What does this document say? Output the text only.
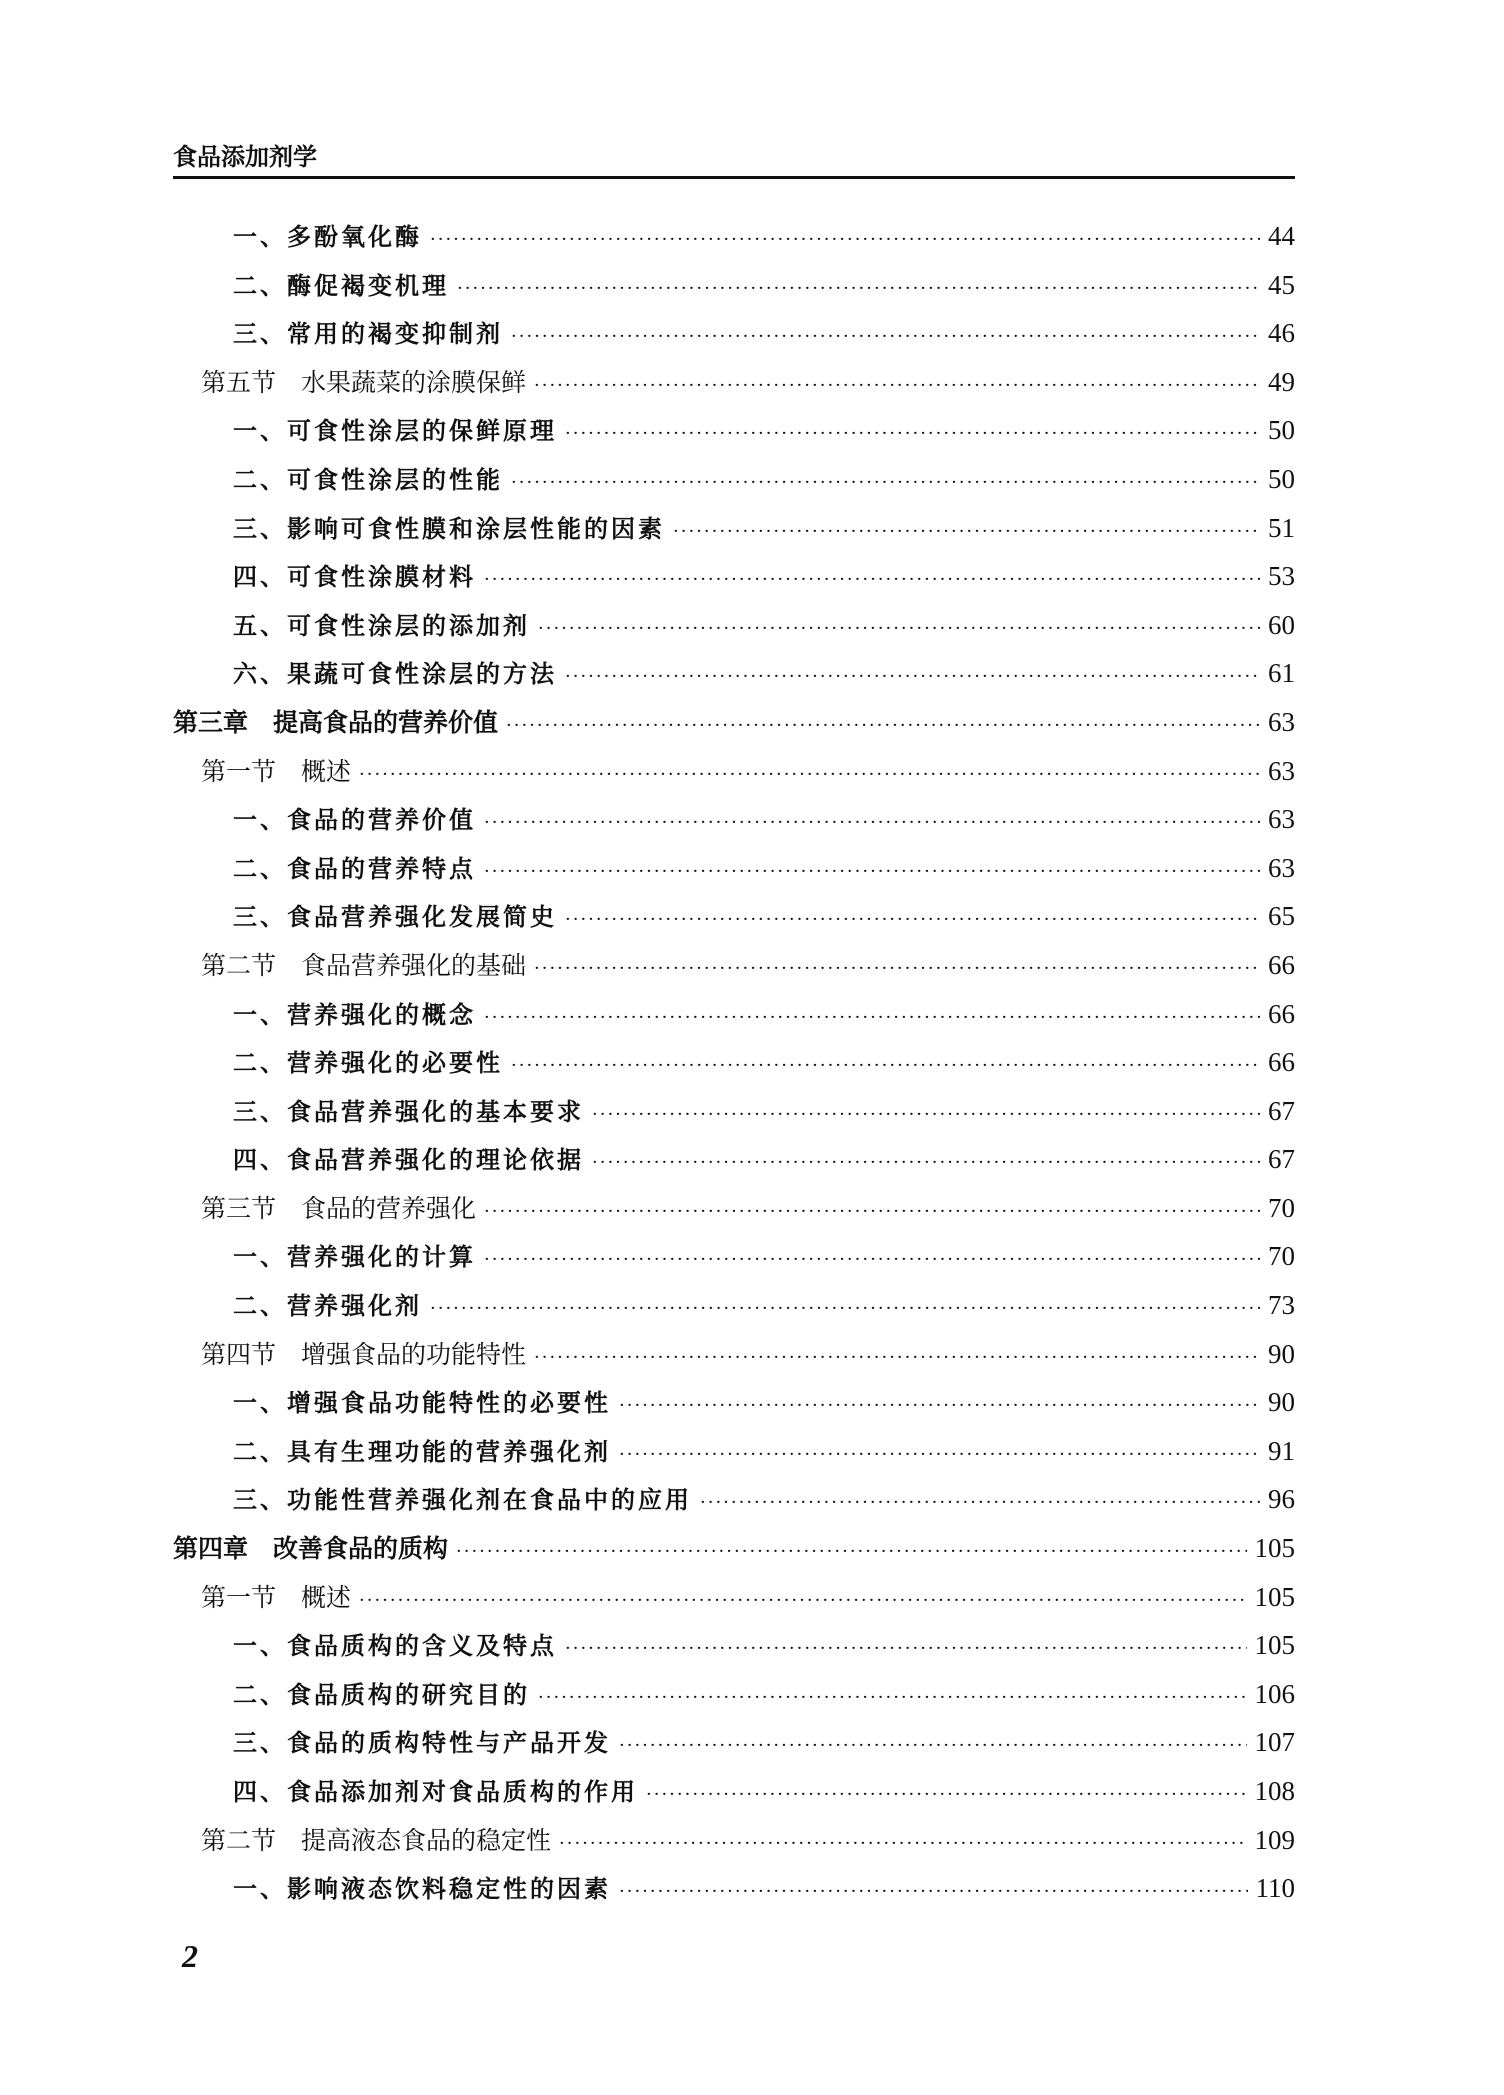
食品添加剂学
一、多酚氧化酶 ·····	44
二、酶促褐变机理 ·····	45
三、常用的褐变抑制剂 ·····	46
第五节　水果蔬菜的涂膜保鲜 ·····	49
一、可食性涂层的保鲜原理 ·····	50
二、可食性涂层的性能 ·····	50
三、影响可食性膜和涂层性能的因素 ·····	51
四、可食性涂膜材料 ·····	53
五、可食性涂层的添加剂 ·····	60
六、果蔬可食性涂层的方法 ·····	61
第三章　提高食品的营养价值 ·····	63
第一节　概述 ·····	63
一、食品的营养价值 ·····	63
二、食品的营养特点 ·····	63
三、食品营养强化发展简史 ·····	65
第二节　食品营养强化的基础 ·····	66
一、营养强化的概念 ·····	66
二、营养强化的必要性 ·····	66
三、食品营养强化的基本要求 ·····	67
四、食品营养强化的理论依据 ·····	67
第三节　食品的营养强化 ·····	70
一、营养强化的计算 ·····	70
二、营养强化剂 ·····	73
第四节　增强食品的功能特性 ·····	90
一、增强食品功能特性的必要性 ·····	90
二、具有生理功能的营养强化剂 ·····	91
三、功能性营养强化剂在食品中的应用 ·····	96
第四章　改善食品的质构 ·····	105
第一节　概述 ·····	105
一、食品质构的含义及特点 ·····	105
二、食品质构的研究目的 ·····	106
三、食品的质构特性与产品开发 ·····	107
四、食品添加剂对食品质构的作用 ·····	108
第二节　提高液态食品的稳定性 ·····	109
一、影响液态饮料稳定性的因素 ·····	110
2
